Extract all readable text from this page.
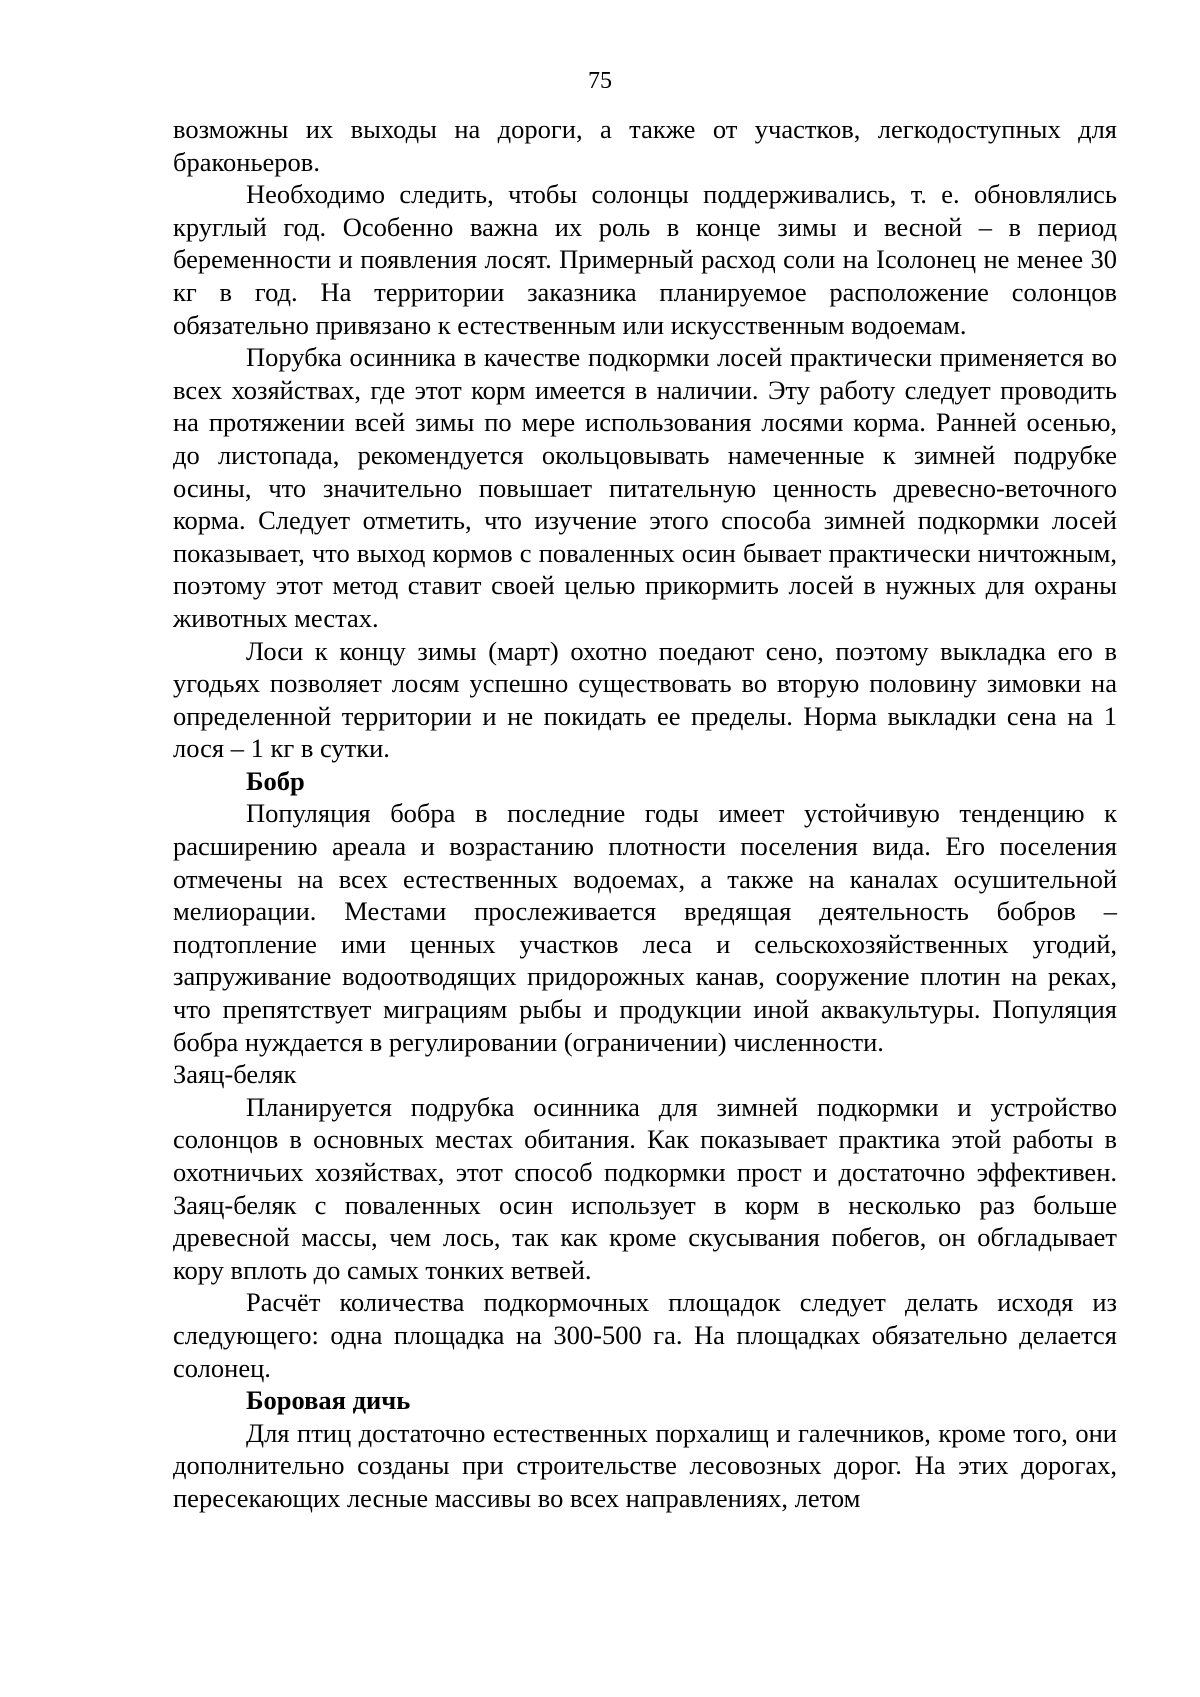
75

возможны их выходы на дороги, а также от участков, легкодоступных для браконьеров.

Необходимо следить, чтобы солонцы поддерживались, т. е. обновлялись круглый год. Особенно важна их роль в конце зимы и весной – в период беременности и появления лосят. Примерный расход соли на Iсолонец не менее 30 кг в год. На территории заказника планируемое расположение солонцов обязательно привязано к естественным или искусственным водоемам.

Порубка осинника в качестве подкормки лосей практически применяется во всех хозяйствах, где этот корм имеется в наличии. Эту работу следует проводить на протяжении всей зимы по мере использования лосями корма. Ранней осенью, до листопада, рекомендуется окольцовывать намеченные к зимней подрубке осины, что значительно повышает питательную ценность древесно-веточного корма. Следует отметить, что изучение этого способа зимней подкормки лосей показывает, что выход кормов с поваленных осин бывает практически ничтожным, поэтому этот метод ставит своей целью прикормить лосей в нужных для охраны животных местах.

Лоси к концу зимы (март) охотно поедают сено, поэтому выкладка его в угодьях позволяет лосям успешно существовать во вторую половину зимовки на определенной территории и не покидать ее пределы. Норма выкладки сена на 1 лося – 1 кг в сутки.

Бобр

Популяция бобра в последние годы имеет устойчивую тенденцию к расширению ареала и возрастанию плотности поселения вида. Его поселения отмечены на всех естественных водоемах, а также на каналах осушительной мелиорации. Местами прослеживается вредящая деятельность бобров – подтопление ими ценных участков леса и сельскохозяйственных угодий, запруживание водоотводящих придорожных канав, сооружение плотин на реках, что препятствует миграциям рыбы и продукции иной аквакультуры. Популяция бобра нуждается в регулировании (ограничении) численности.

Заяц-беляк

Планируется подрубка осинника для зимней подкормки и устройство солонцов в основных местах обитания. Как показывает практика этой работы в охотничьих хозяйствах, этот способ подкормки прост и достаточно эффективен. Заяц-беляк с поваленных осин использует в корм в несколько раз больше древесной массы, чем лось, так как кроме скусывания побегов, он обгладывает кору вплоть до самых тонких ветвей.

Расчёт количества подкормочных площадок следует делать исходя из следующего: одна площадка на 300-500 га. На площадках обязательно делается солонец.

Боровая дичь

Для птиц достаточно естественных порхалищ и галечников, кроме того, они дополнительно созданы при строительстве лесовозных дорог. На этих дорогах, пересекающих лесные массивы во всех направлениях, летом
